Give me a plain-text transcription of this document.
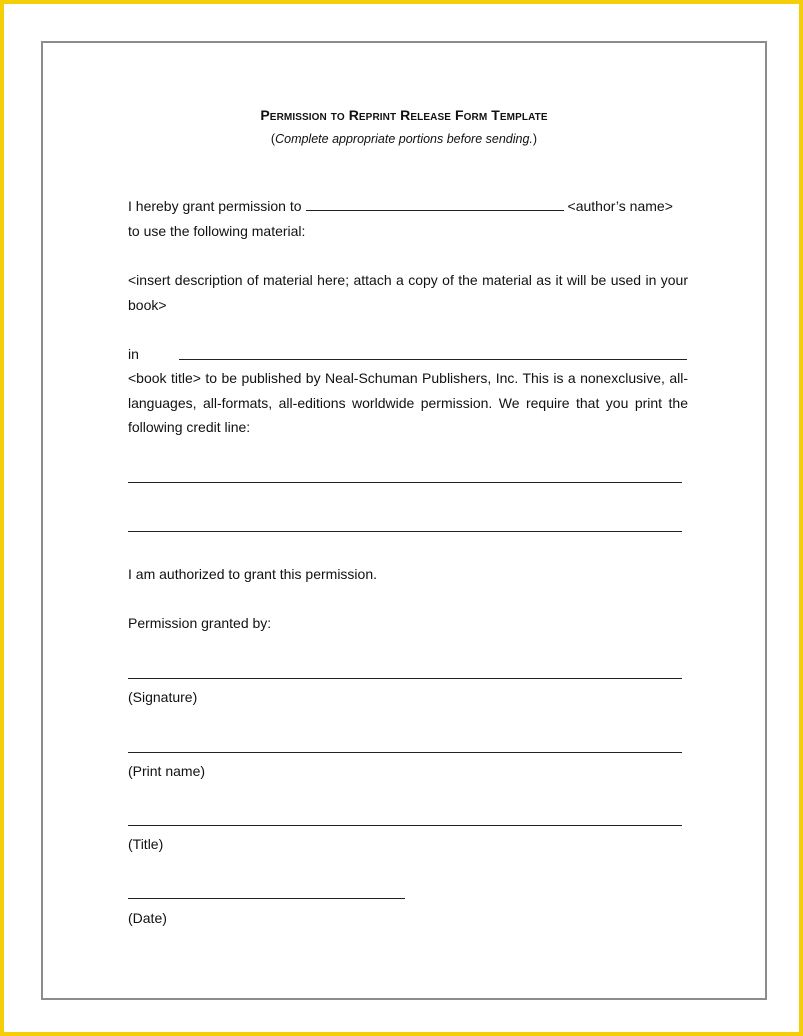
Permission to Reprint Release Form Template
(Complete appropriate portions before sending.)
I hereby grant permission to	<author’s name>
to use the following material:
<insert description of material here; attach a copy of the material as it will be used in your book>
in
<book title> to be published by Neal-Schuman Publishers, Inc. This is a nonexclusive, all-languages, all-formats, all-editions worldwide permission. We require that you print the following credit line:
I am authorized to grant this permission.
Permission granted by:
(Signature)
(Print name)
(Title)
(Date)
